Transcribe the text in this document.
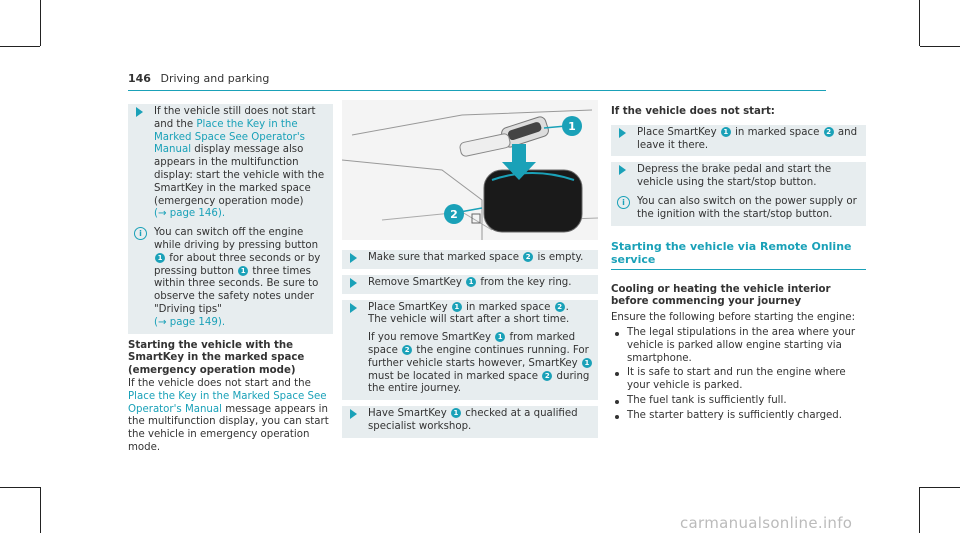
146 Driving and parking
If the vehicle still does not start and the Place the Key in the Marked Space See Operator's Manual display message also appears in the multifunction display: start the vehicle with the SmartKey in the marked space (emergency operation mode)
(→ page 146).
i	You can switch off the engine while driving by pressing button 1 for about three seconds or by pressing button 1 three times within three seconds. Be sure to observe the safety notes under "Driving tips"
(→ page 149).
Starting the vehicle with the SmartKey in the marked space (emergency operation mode)
If the vehicle does not start and the Place the Key in the Marked Space See Operator's Manual message appears in the multifunction display, you can start the vehicle in emergency operation mode.
1
2
Make sure that marked space 2 is empty.
Remove SmartKey 1 from the key ring.
Place SmartKey 1 in marked space 2 .
The vehicle will start after a short time.
If you remove SmartKey 1 from marked space 2 the engine continues running. For further vehicle starts however, SmartKey 1 must be located in marked space 2 during the entire journey.
Have SmartKey 1 checked at a qualified specialist workshop.
If the vehicle does not start:
Place SmartKey 1 in marked space 2 and leave it there.
Depress the brake pedal and start the vehicle using the start/stop button.
i	You can also switch on the power supply or the ignition with the start/stop button.
Starting the vehicle via Remote Online service
Cooling or heating the vehicle interior before commencing your journey
Ensure the following before starting the engine:
The legal stipulations in the area where your vehicle is parked allow engine starting via smartphone.
It is safe to start and run the engine where your vehicle is parked.
The fuel tank is sufficiently full.
The starter battery is sufficiently charged.
carmanualsonline.info
